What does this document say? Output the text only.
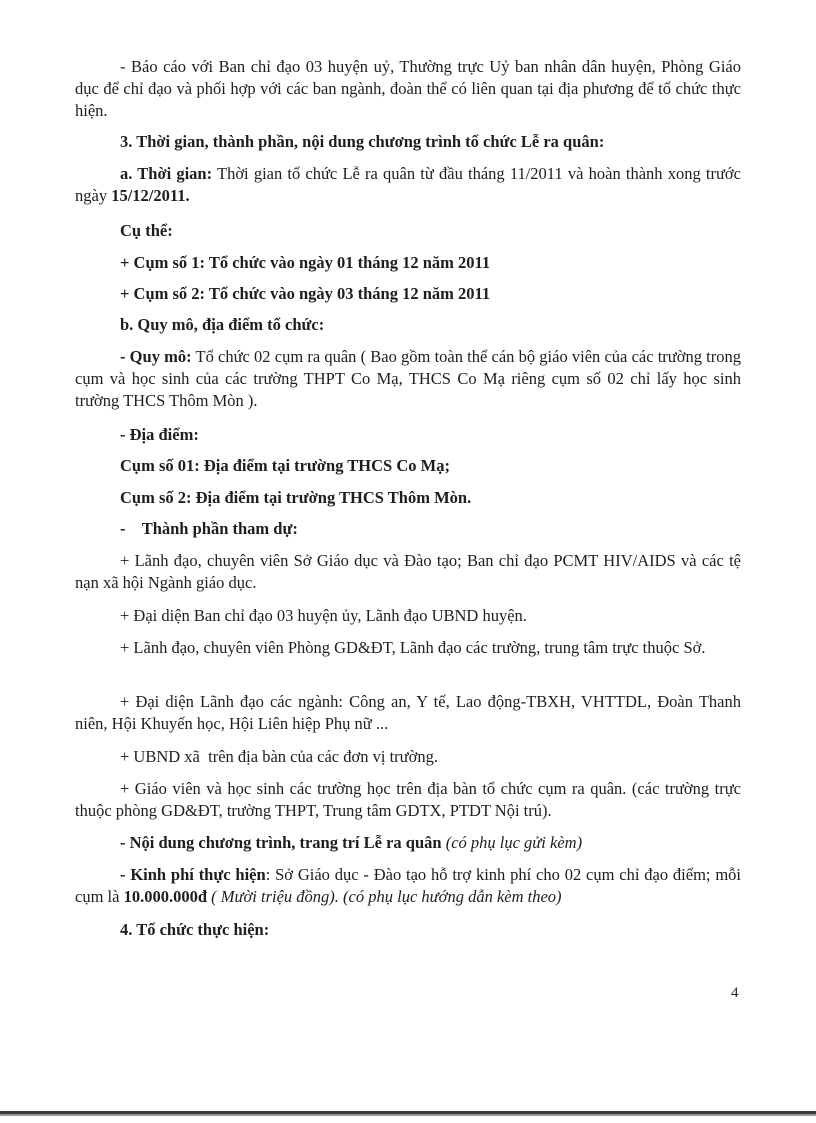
- Báo cáo với Ban chỉ đạo 03 huyện uỷ, Thường trực Uỷ ban nhân dân huyện, Phòng Giáo dục để chỉ đạo và phối hợp với các ban ngành, đoàn thể có liên quan tại địa phương để tổ chức thực hiện.

3. Thời gian, thành phần, nội dung chương trình tổ chức Lễ ra quân:

a. Thời gian: Thời gian tổ chức Lễ ra quân từ đầu tháng 11/2011 và hoàn thành xong trước ngày 15/12/2011.

Cụ thể:

+ Cụm số 1: Tổ chức vào ngày 01 tháng 12 năm 2011

+ Cụm số 2: Tổ chức vào ngày 03 tháng 12 năm 2011

b. Quy mô, địa điểm tổ chức:

- Quy mô: Tổ chức 02 cụm ra quân ( Bao gồm toàn thể cán bộ giáo viên của các trường trong cụm và học sinh của các trường THPT Co Mạ, THCS Co Mạ riêng cụm số 02 chỉ lấy học sinh trường THCS Thôm Mòn ).

- Địa điểm:

Cụm số 01: Địa điểm tại trường THCS Co Mạ;

Cụm số 2: Địa điểm tại trường THCS Thôm Mòn.

-    Thành phần tham dự:

+ Lãnh đạo, chuyên viên Sở Giáo dục và Đào tạo; Ban chỉ đạo PCMT HIV/AIDS và các tệ nạn xã hội Ngành giáo dục.

+ Đại diện Ban chỉ đạo 03 huyện ủy, Lãnh đạo UBND huyện.

+ Lãnh đạo, chuyên viên Phòng GD&ĐT, Lãnh đạo các trường, trung tâm trực thuộc Sở.

+ Đại diện Lãnh đạo các ngành: Công an, Y tế, Lao động-TBXH, VHTTDL, Đoàn Thanh niên, Hội Khuyến học, Hội Liên hiệp Phụ nữ ...

+ UBND xã  trên địa bàn của các đơn vị trường.

+ Giáo viên và học sinh các trường học trên địa bàn tổ chức cụm ra quân. (các trường trực thuộc phòng GD&ĐT, trường THPT, Trung tâm GDTX, PTDT Nội trú).

- Nội dung chương trình, trang trí Lễ ra quân (có phụ lục gửi kèm)

- Kinh phí thực hiện: Sở Giáo dục - Đào tạo hỗ trợ kinh phí cho 02 cụm chỉ đạo điểm; mỗi cụm là 10.000.000đ ( Mười triệu đồng). (có phụ lục hướng dẫn kèm theo)

4. Tổ chức thực hiện:

4
